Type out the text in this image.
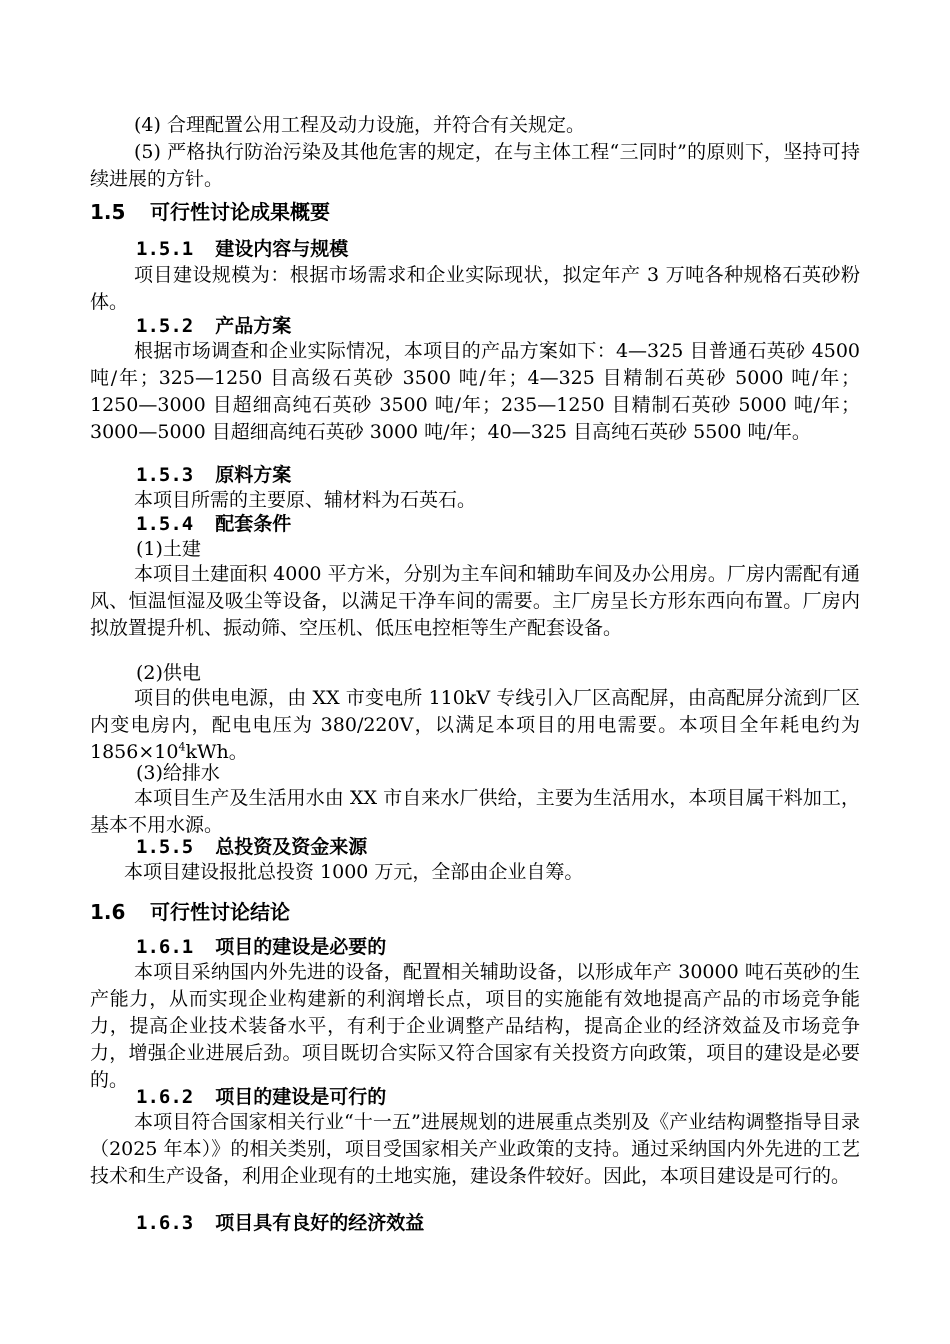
(4) 合理配置公用工程及动力设施，并符合有关规定。

(5) 严格执行防治污染及其他危害的规定，在与主体工程“三同时”的原则下，坚持可持续进展的方针。

1.5 可行性讨论成果概要
1.5.1 建设内容与规模

项目建设规模为：根据市场需求和企业实际现状，拟定年产 3 万吨各种规格石英砂粉体。

1.5.2 产品方案

根据市场调查和企业实际情况，本项目的产品方案如下：4—325 目普通石英砂 4500 吨/年；325—1250 目高级石英砂 3500 吨/年；4—325 目精制石英砂 5000 吨/年；1250—3000 目超细高纯石英砂 3500 吨/年；235—1250 目精制石英砂 5000 吨/年；3000—5000 目超细高纯石英砂 3000 吨/年；40—325 目高纯石英砂 5500 吨/年。

1.5.3 原料方案

本项目所需的主要原、辅材料为石英石。

1.5.4 配套条件

(1)土建

本项目土建面积 4000 平方米，分别为主车间和辅助车间及办公用房。厂房内需配有通风、恒温恒湿及吸尘等设备，以满足干净车间的需要。主厂房呈长方形东西向布置。厂房内拟放置提升机、振动筛、空压机、低压电控柜等生产配套设备。

(2)供电

项目的供电电源，由 XX 市变电所 110kV 专线引入厂区高配屏，由高配屏分流到厂区内变电房内，配电电压为 380/220V，以满足本项目的用电需要。本项目全年耗电约为 $1856\times 10^4kWh$。

(3)给排水

本项目生产及生活用水由 XX 市自来水厂供给，主要为生活用水，本项目属干料加工，基本不用水源。

1.5.5 总投资及资金来源

本项目建设报批总投资 1000 万元，全部由企业自筹。

1.6 可行性讨论结论
1.6.1 项目的建设是必要的

本项目采纳国内外先进的设备，配置相关辅助设备，以形成年产 30000 吨石英砂的生产能力，从而实现企业构建新的利润增长点，项目的实施能有效地提高产品的市场竞争能力，提高企业技术装备水平，有利于企业调整产品结构，提高企业的经济效益及市场竞争力，增强企业进展后劲。项目既切合实际又符合国家有关投资方向政策，项目的建设是必要的。

1.6.2 项目的建设是可行的

本项目符合国家相关行业“十一五”进展规划的进展重点类别及《产业结构调整指导目录（2025 年本）》的相关类别，项目受国家相关产业政策的支持。通过采纳国内外先进的工艺技术和生产设备，利用企业现有的土地实施，建设条件较好。因此，本项目建设是可行的。

1.6.3 项目具有良好的经济效益
